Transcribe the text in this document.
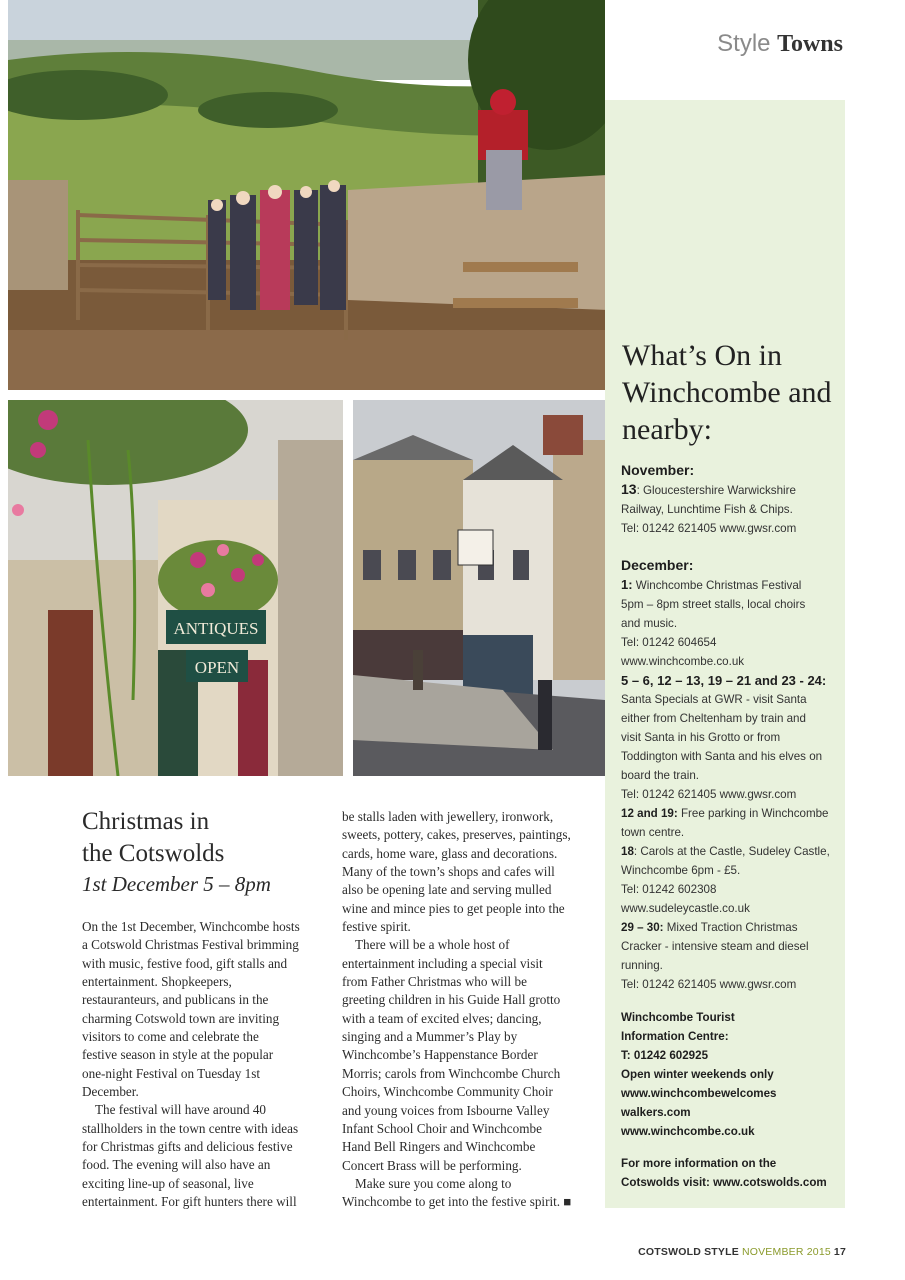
Style Towns
ANTIQUES
OPEN
What’s On in Winchcombe and nearby:
November:
13: Gloucestershire Warwickshire
Railway, Lunchtime Fish & Chips.
Tel: 01242 621405 www.gwsr.com
December:
1: Winchcombe Christmas Festival
5pm – 8pm street stalls, local choirs
and music.
Tel: 01242 604654
www.winchcombe.co.uk
5 – 6, 12 – 13, 19 – 21 and 23 - 24:
Santa Specials at GWR - visit Santa
either from Cheltenham by train and
visit Santa in his Grotto or from
Toddington with Santa and his elves on
board the train.
Tel: 01242 621405 www.gwsr.com
12 and 19: Free parking in Winchcombe
town centre.
18: Carols at the Castle, Sudeley Castle,
Winchcombe 6pm - £5.
Tel: 01242 602308
www.sudeleycastle.co.uk
29 – 30: Mixed Traction Christmas
Cracker - intensive steam and diesel
running.
Tel: 01242 621405 www.gwsr.com
Winchcombe Tourist
Information Centre:
T: 01242 602925
Open winter weekends only
www.winchcombewelcomes
walkers.com
www.winchcombe.co.uk
For more information on the
Cotswolds visit: www.cotswolds.com
Christmas in
the Cotswolds
1st December 5 – 8pm

On the 1st December, Winchcombe hosts

a Cotswold Christmas Festival brimming

with music, festive food, gift stalls and

entertainment. Shopkeepers,

restauranteurs, and publicans in the

charming Cotswold town are inviting

visitors to come and celebrate the

festive season in style at the popular

one-night Festival on Tuesday 1st

December.

The festival will have around 40

stallholders in the town centre with ideas

for Christmas gifts and delicious festive

food. The evening will also have an

exciting line-up of seasonal, live

entertainment. For gift hunters there will

be stalls laden with jewellery, ironwork,

sweets, pottery, cakes, preserves, paintings,

cards, home ware, glass and decorations.

Many of the town’s shops and cafes will

also be opening late and serving mulled

wine and mince pies to get people into the

festive spirit.

There will be a whole host of

entertainment including a special visit

from Father Christmas who will be

greeting children in his Guide Hall grotto

with a team of excited elves; dancing,

singing and a Mummer’s Play by

Winchcombe’s Happenstance Border

Morris; carols from Winchcombe Church

Choirs, Winchcombe Community Choir

and young voices from Isbourne Valley

Infant School Choir and Winchcombe

Hand Bell Ringers and Winchcombe

Concert Brass will be performing.

Make sure you come along to

Winchcombe to get into the festive spirit. ■

COTSWOLD STYLE NOVEMBER 2015 17
